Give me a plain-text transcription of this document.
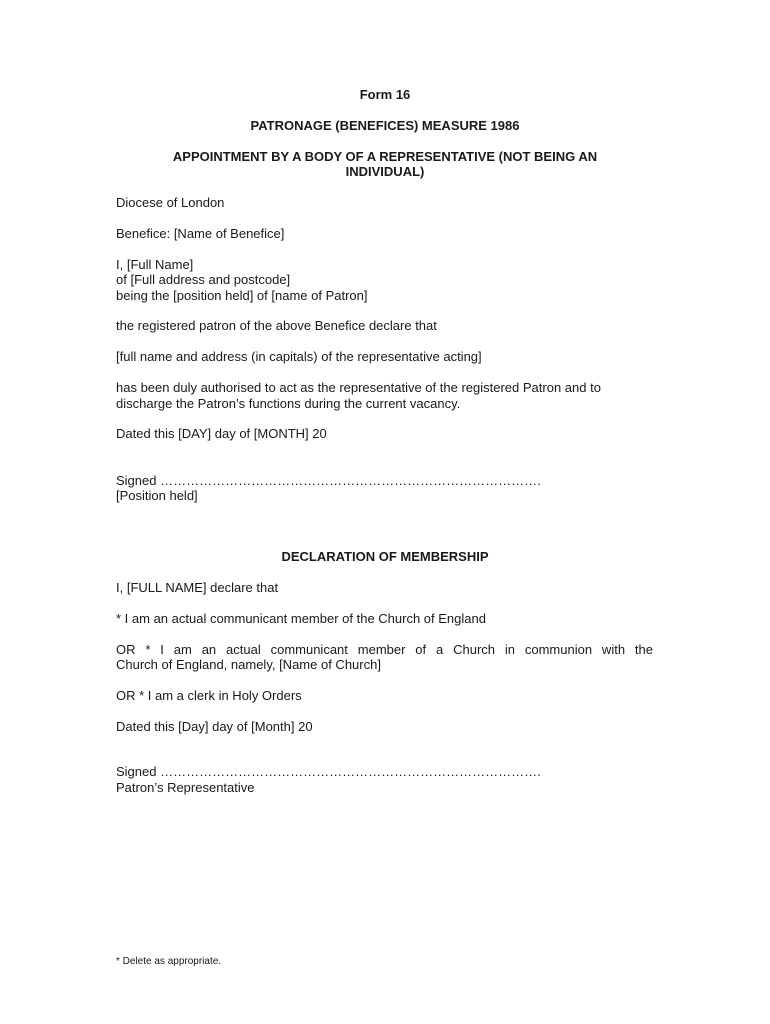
Form 16
PATRONAGE (BENEFICES) MEASURE 1986
APPOINTMENT BY A BODY OF A REPRESENTATIVE (NOT BEING AN
INDIVIDUAL)
Diocese of London
Benefice: [Name of Benefice]
I, [Full Name]
of [Full address and postcode]
being the [position held] of [name of Patron]
the registered patron of the above Benefice declare that
[full name and address (in capitals) of the representative acting]
has been duly authorised to act as the representative of the registered Patron and to
discharge the Patron’s functions during the current vacancy.
Dated this [DAY] day of [MONTH] 20
Signed …………………………………………………………………………….
[Position held]
DECLARATION OF MEMBERSHIP
I, [FULL NAME] declare that
* I am an actual communicant member of the Church of England
OR * I am an actual communicant member of a Church in communion with the
Church of England, namely, [Name of Church]
OR * I am a clerk in Holy Orders
Dated this [Day] day of [Month] 20
Signed …………………………………………………………………………….
Patron’s Representative
* Delete as appropriate.
